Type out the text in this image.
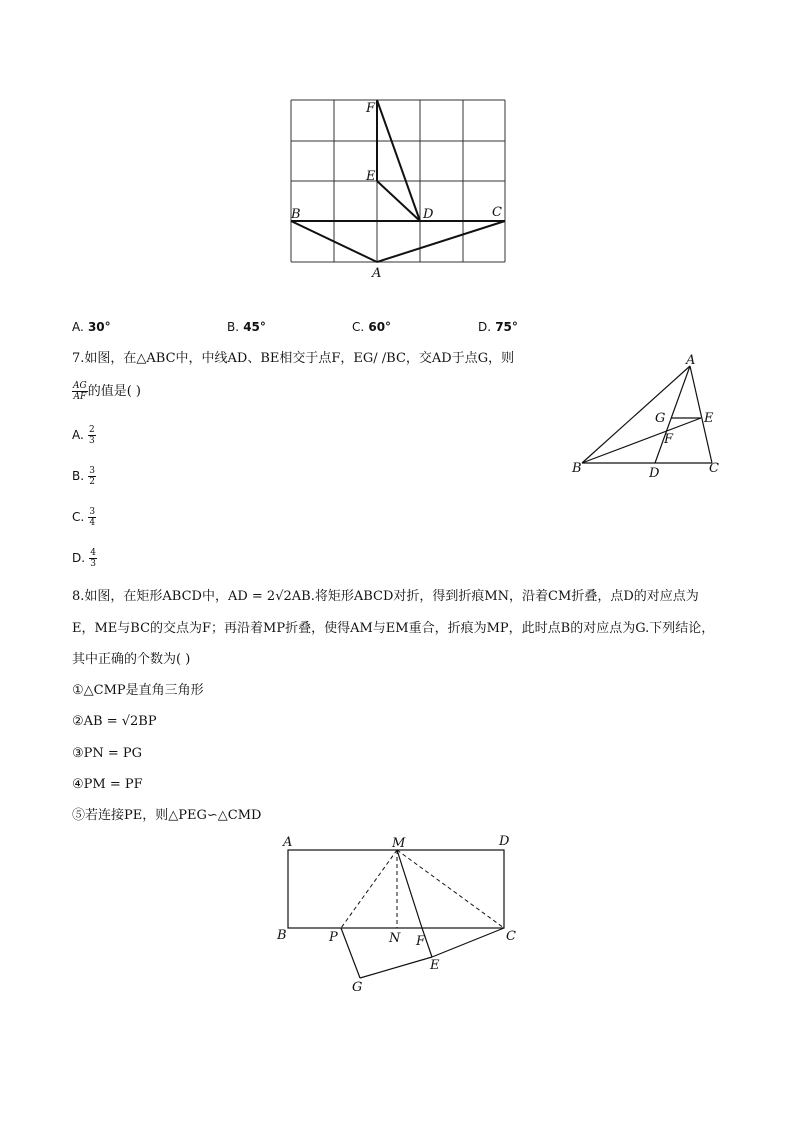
F
E
D
B	C
A
A. 30°	B. 45°	C. 60°	D. 75°
7.如图，在△ABC中，中线AD、BE相交于点F，EG/ /BC，交AD于点G，则
$\frac{AG}{AF}$ 的值是( )
A. $\frac{2}{3}$
B. $\frac{3}{2}$
C. $\frac{3}{4}$
D. $\frac{4}{3}$
A
G	E
F
B	D	C
8.如图，在矩形ABCD中，AD = 2√2AB.将矩形ABCD对折，得到折痕MN，沿着CM折叠，点D的对应点为
E，ME与BC的交点为F；再沿着MP折叠，使得AM与EM重合，折痕为MP，此时点B的对应点为G.下列结论，
其中正确的个数为( )
①△CMP是直角三角形
②AB = √2BP
③PN = PG
④PM = PF
⑤若连接PE，则△PEG∽△CMD
A	M	D
B	P	N F	C
E
G
